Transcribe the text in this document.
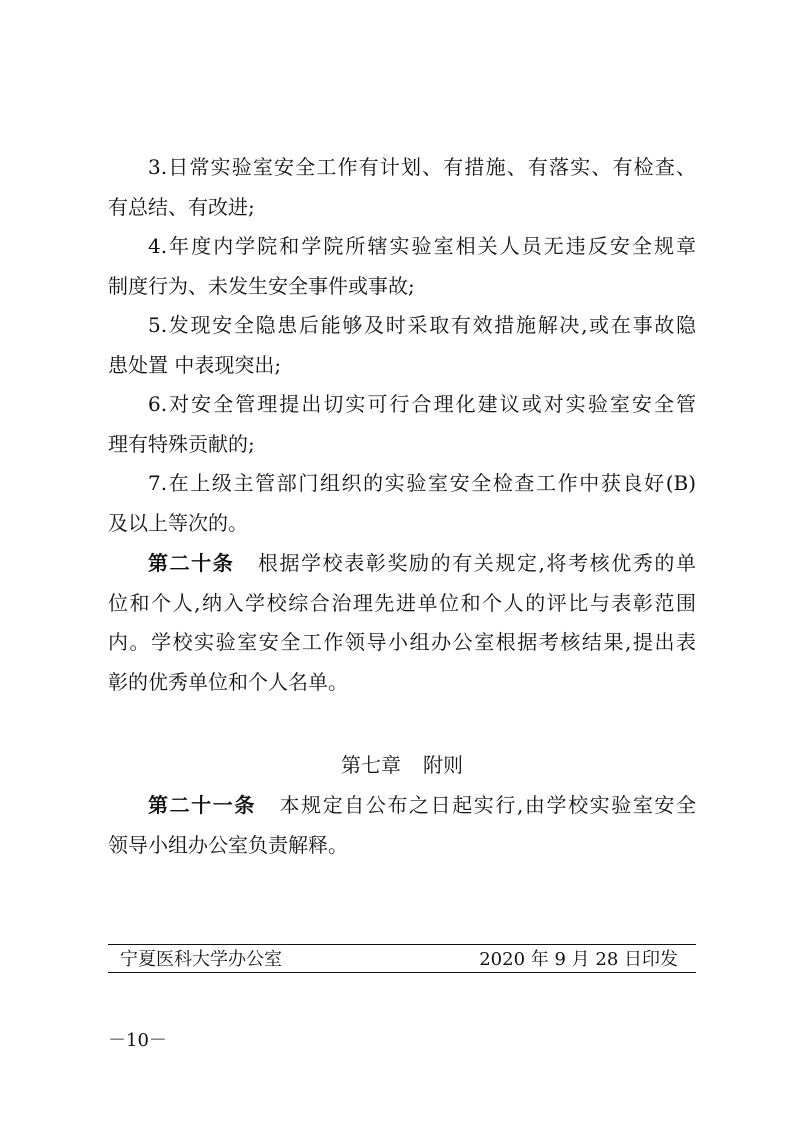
3.日常实验室安全工作有计划、有措施、有落实、有检查、
有总结、有改进;
4.年度内学院和学院所辖实验室相关人员无违反安全规章
制度行为、未发生安全事件或事故;
5.发现安全隐患后能够及时采取有效措施解决,或在事故隐
患处置 中表现突出;
6.对安全管理提出切实可行合理化建议或对实验室安全管
理有特殊贡献的;
7.在上级主管部门组织的实验室安全检查工作中获良好(B)
及以上等次的。
第二十条 根据学校表彰奖励的有关规定,将考核优秀的单
位和个人,纳入学校综合治理先进单位和个人的评比与表彰范围
内。学校实验室安全工作领导小组办公室根据考核结果,提出表
彰的优秀单位和个人名单。
第七章 附则
第二十一条 本规定自公布之日起实行,由学校实验室安全
领导小组办公室负责解释。
宁夏医科大学办公室	2020 年 9 月 28 日印发
－10－
